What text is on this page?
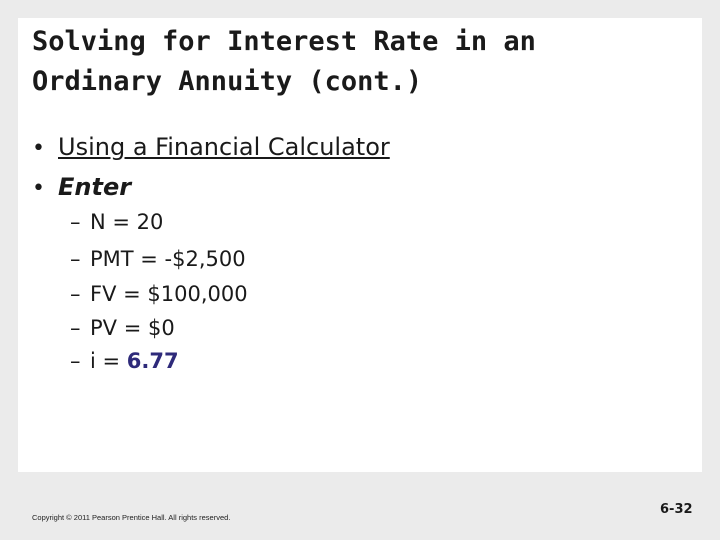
Solving for Interest Rate in an
Ordinary Annuity (cont.)
• Using a Financial Calculator
• Enter
– N = 20
– PMT = -$2,500
– FV = $100,000
– PV = $0
– i = 6.77
Copyright © 2011 Pearson Prentice Hall. All rights reserved.
6-32
